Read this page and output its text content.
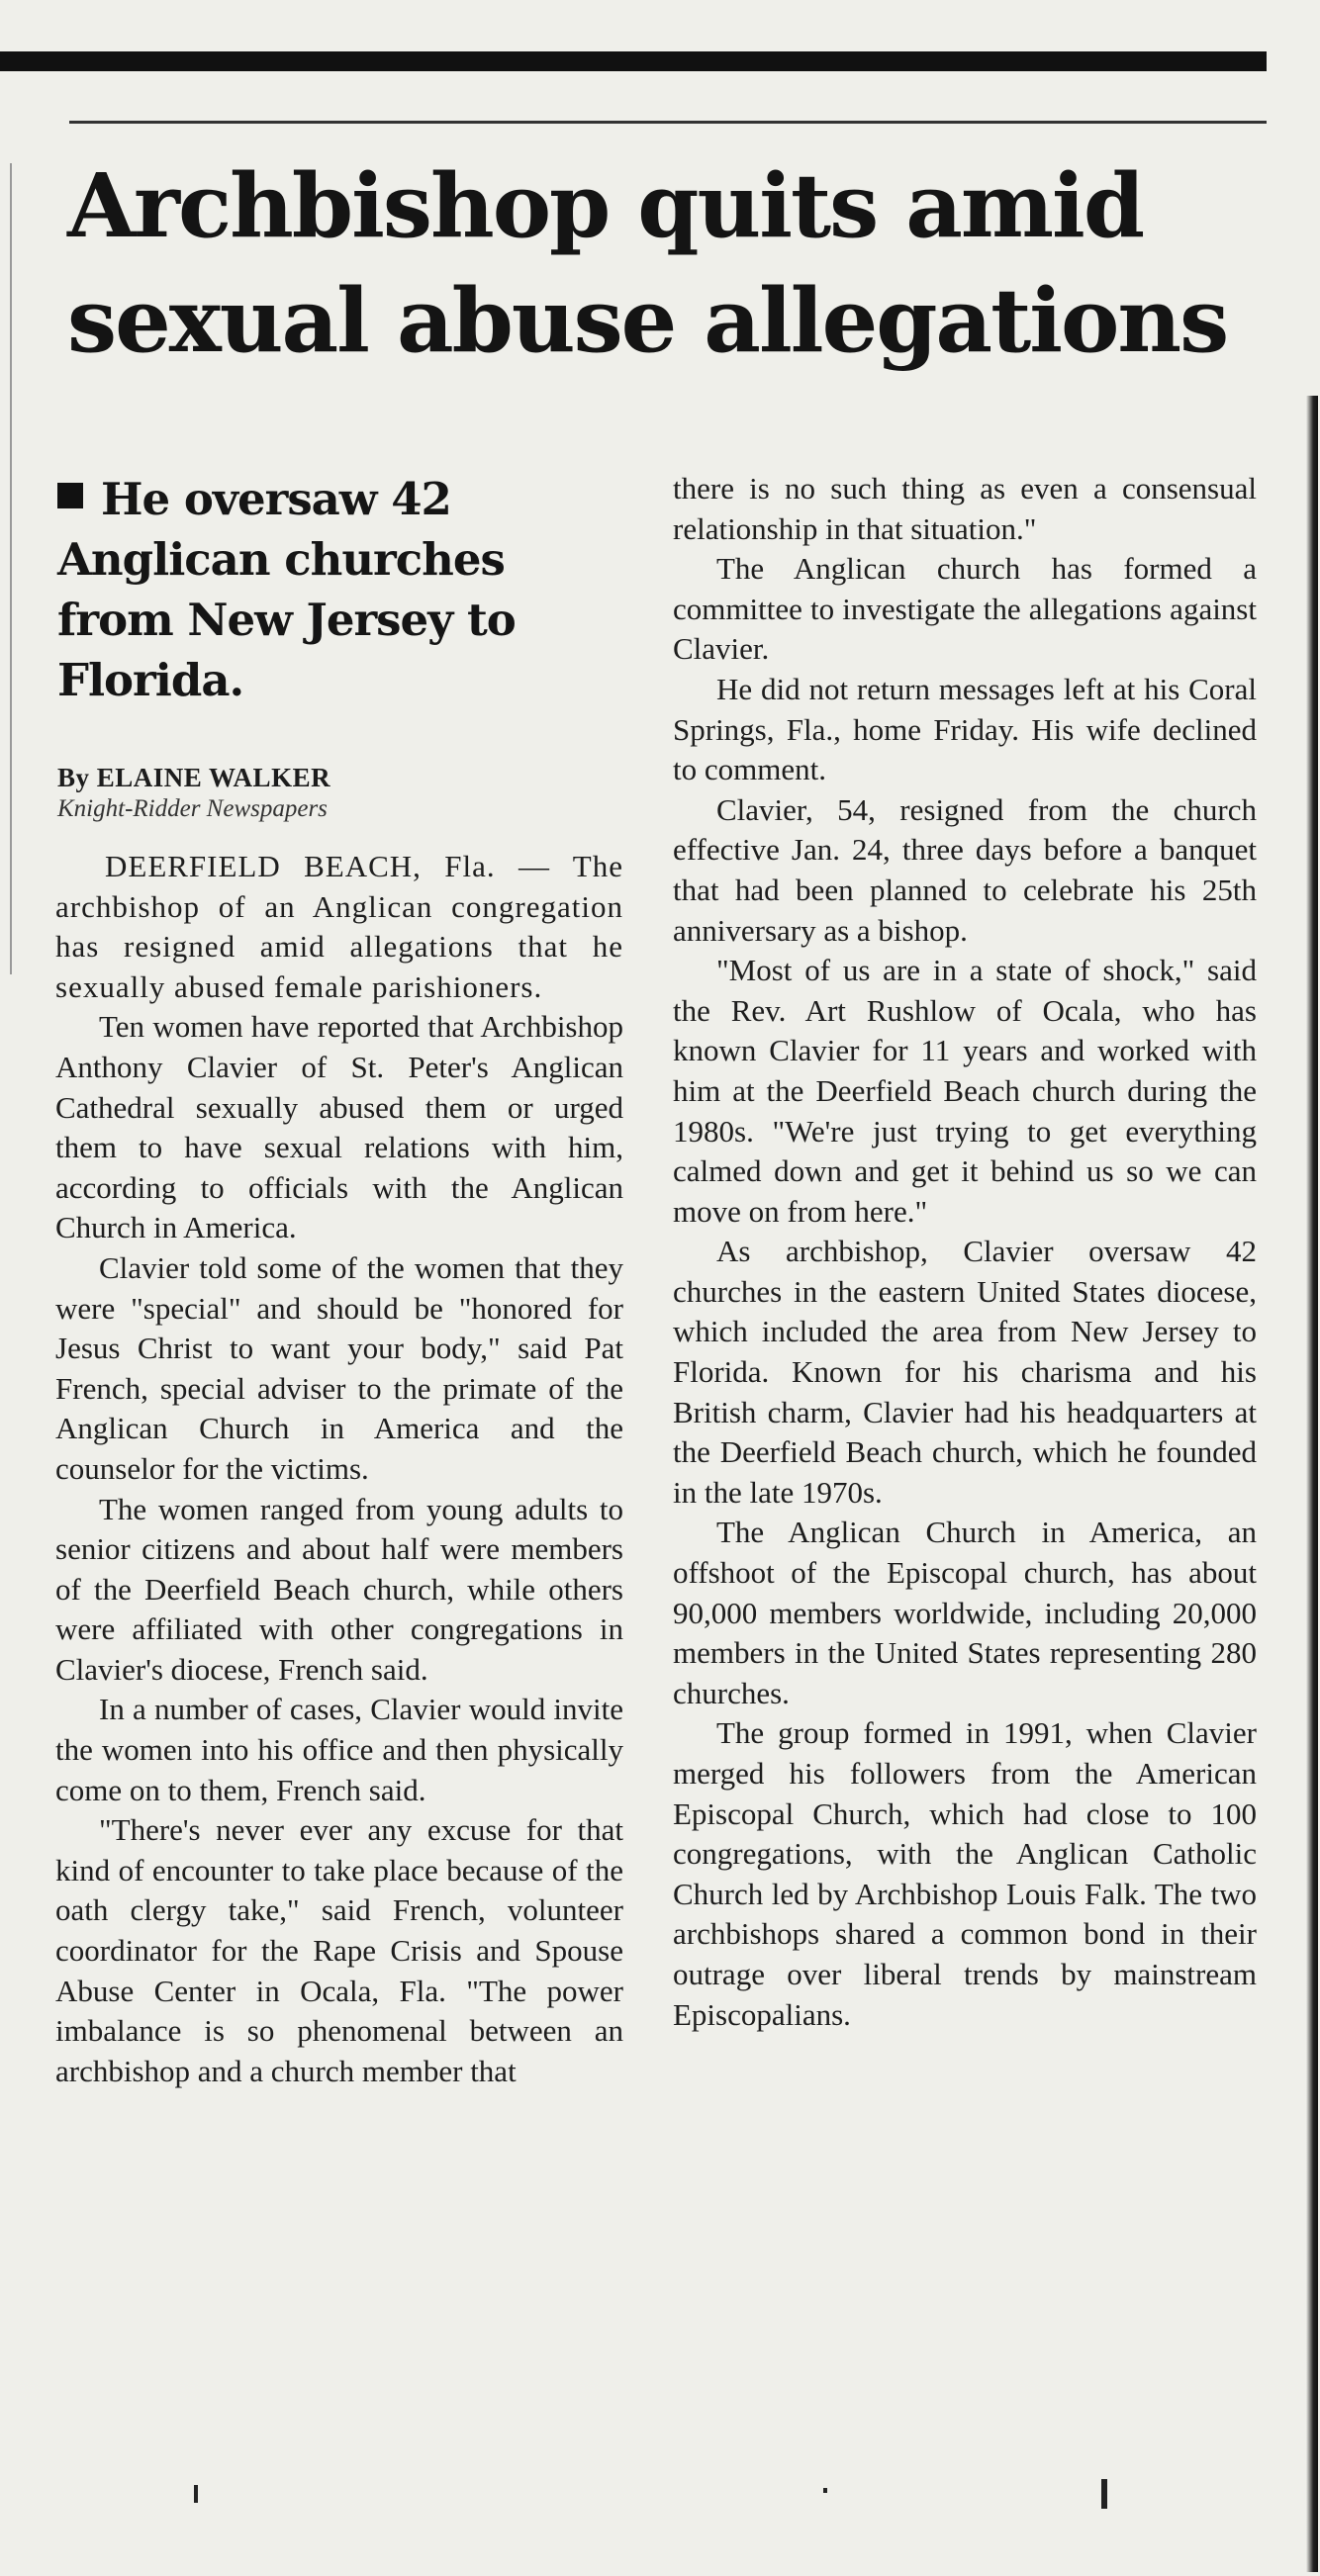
Archbishop quits amid sexual abuse allegations

He oversaw 42 Anglican churches from New Jersey to Florida.

By ELAINE WALKER
Knight-Ridder Newspapers

DEERFIELD BEACH, Fla. — The archbishop of an Anglican congregation has resigned amid allegations that he sexually abused female parishioners.

Ten women have reported that Archbishop Anthony Clavier of St. Peter's Anglican Cathedral sexually abused them or urged them to have sexual relations with him, according to officials with the Anglican Church in America.

Clavier told some of the women that they were "special" and should be "honored for Jesus Christ to want your body," said Pat French, special adviser to the primate of the Anglican Church in America and the counselor for the victims.

The women ranged from young adults to senior citizens and about half were members of the Deerfield Beach church, while others were affiliated with other congregations in Clavier's diocese, French said.

In a number of cases, Clavier would invite the women into his office and then physically come on to them, French said.

"There's never ever any excuse for that kind of encounter to take place because of the oath clergy take," said French, volunteer coordinator for the Rape Crisis and Spouse Abuse Center in Ocala, Fla. "The power imbalance is so phenomenal between an archbishop and a church member that

there is no such thing as even a consensual relationship in that situation."

The Anglican church has formed a committee to investigate the allegations against Clavier.

He did not return messages left at his Coral Springs, Fla., home Friday. His wife declined to comment.

Clavier, 54, resigned from the church effective Jan. 24, three days before a banquet that had been planned to celebrate his 25th anniversary as a bishop.

"Most of us are in a state of shock," said the Rev. Art Rushlow of Ocala, who has known Clavier for 11 years and worked with him at the Deerfield Beach church during the 1980s. "We're just trying to get everything calmed down and get it behind us so we can move on from here."

As archbishop, Clavier oversaw 42 churches in the eastern United States diocese, which included the area from New Jersey to Florida. Known for his charisma and his British charm, Clavier had his headquarters at the Deerfield Beach church, which he founded in the late 1970s.

The Anglican Church in America, an offshoot of the Episcopal church, has about 90,000 members worldwide, including 20,000 members in the United States representing 280 churches.

The group formed in 1991, when Clavier merged his followers from the American Episcopal Church, which had close to 100 congregations, with the Anglican Catholic Church led by Archbishop Louis Falk. The two archbishops shared a common bond in their outrage over liberal trends by mainstream Episcopalians.
